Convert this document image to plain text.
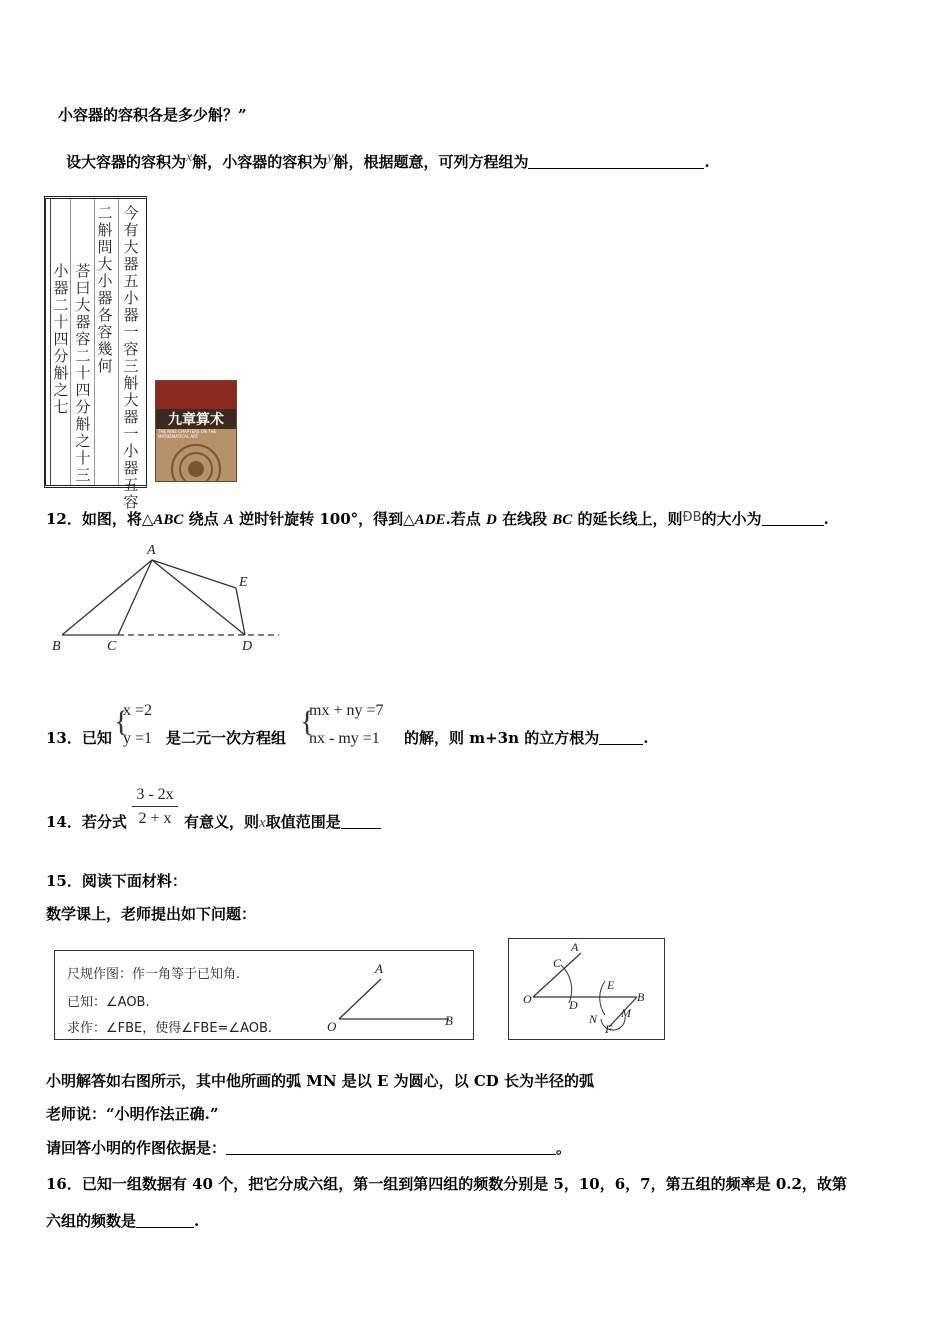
小容器的容积各是多少斛？”
设大容器的容积为x斛，小容器的容积为y斛，根据题意，可列方程组为	.
今有大器五小器一容三斛大器一小器五容
二斛問大小器各容幾何
荅曰大器容二十四分斛之十三
小器二十四分斛之七
九章算术
THE NINE CHAPTERS ON THE MATHEMATICAL ART
12．如图，将△ABC 绕点 A 逆时针旋转 100°，得到△ADE.若点 D 在线段 BC 的延长线上，则ÐB的大小为	.
A
B	C	D
E
13．已知 {
x =2
y =1 是二元一次方程组 {
mx + ny =7
nx - my =1 的解，则 m+3n 的立方根为	.
14．若分式
3 - 2x
2 + x 有意义，则x取值范围是
15．阅读下面材料：
数学课上，老师提出如下问题：
尺规作图：作一角等于已知角.
已知：∠AOB.
求作：∠FBE，使得∠FBE=∠AOB.
A
O	B
A
C
O	D
E
B
N M
F
小明解答如右图所示，其中他所画的弧 MN 是以 E 为圆心，以 CD 长为半径的弧
老师说：“小明作法正确.”
请回答小明的作图依据是：	。
16．已知一组数据有 40 个，把它分成六组，第一组到第四组的频数分别是 5，10，6，7，第五组的频率是 0.2，故第
六组的频数是	.
